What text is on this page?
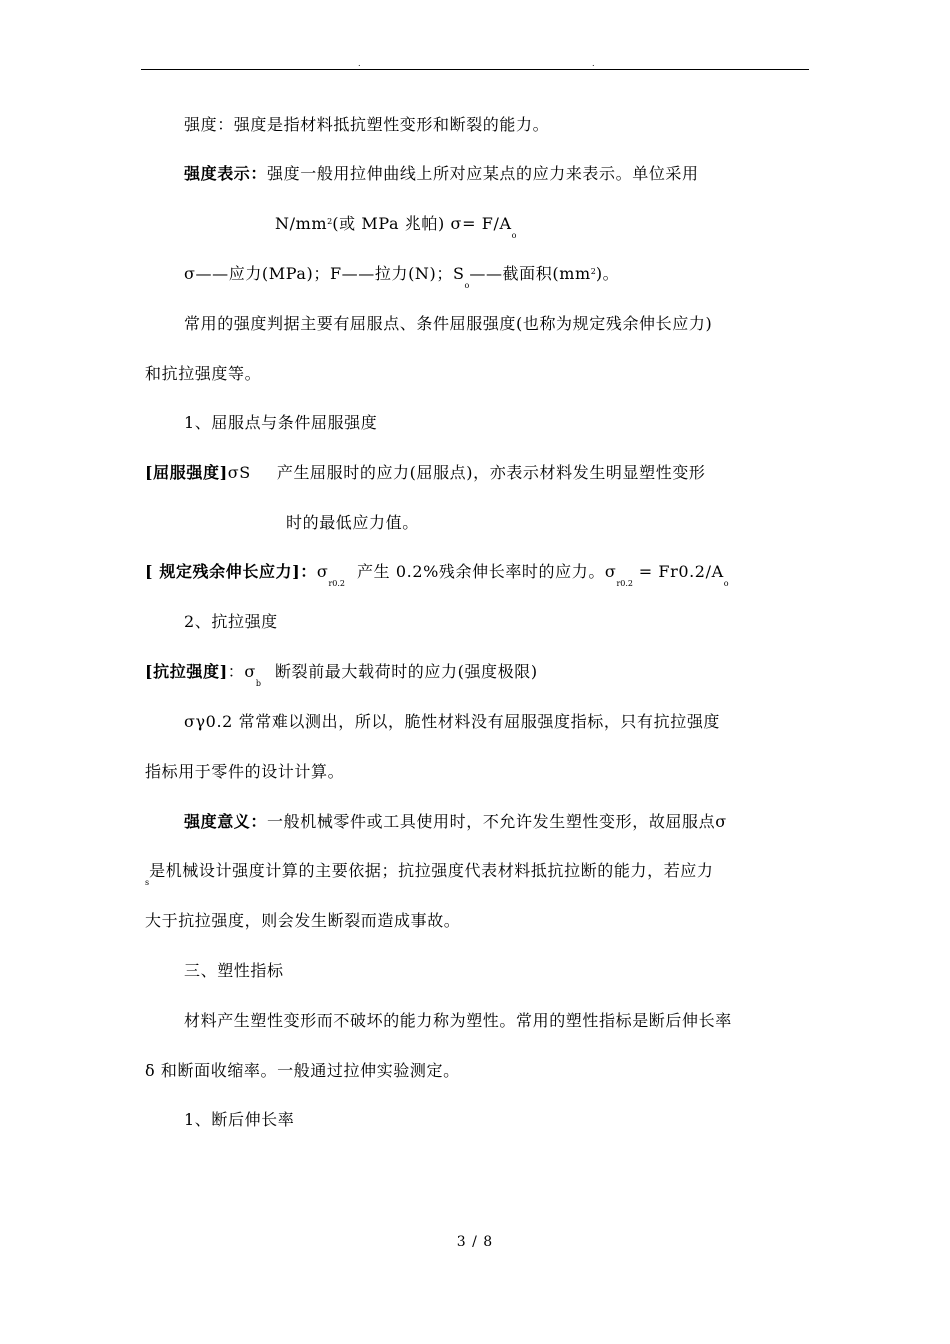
.	.
强度：强度是指材料抵抗塑性变形和断裂的能力。
强度表示：强度一般用拉伸曲线上所对应某点的应力来表示。单位采用
$N/mm^2$(或 MPa 兆帕) $\sigma= F/A_o$
σ——应力(MPa)；F——拉力(N)；$S_o——$截面积$(mm^2)$。
常用的强度判据主要有屈服点、条件屈服强度(也称为规定残余伸长应力)
和抗拉强度等。
1、屈服点与条件屈服强度
[屈服强度]σS 产生屈服时的应力(屈服点)，亦表示材料发生明显塑性变形
时的最低应力值。
[ 规定残余伸长应力]：$\sigma_{r0.2}$产生 0.2%残余伸长率时的应力。$\sigma_{r0.2} = Fr0.2/A_o$
2、抗拉强度
[抗拉强度]：$\sigma_b$断裂前最大载荷时的应力(强度极限)
σγ0.2 常常难以测出，所以，脆性材料没有屈服强度指标，只有抗拉强度
指标用于零件的设计计算。
强度意义：一般机械零件或工具使用时，不允许发生塑性变形，故屈服点σ
$_s$是机械设计强度计算的主要依据；抗拉强度代表材料抵抗拉断的能力，若应力
大于抗拉强度，则会发生断裂而造成事故。
三、塑性指标
材料产生塑性变形而不破坏的能力称为塑性。常用的塑性指标是断后伸长率
δ 和断面收缩率。一般通过拉伸实验测定。
1、断后伸长率
3 / 8
